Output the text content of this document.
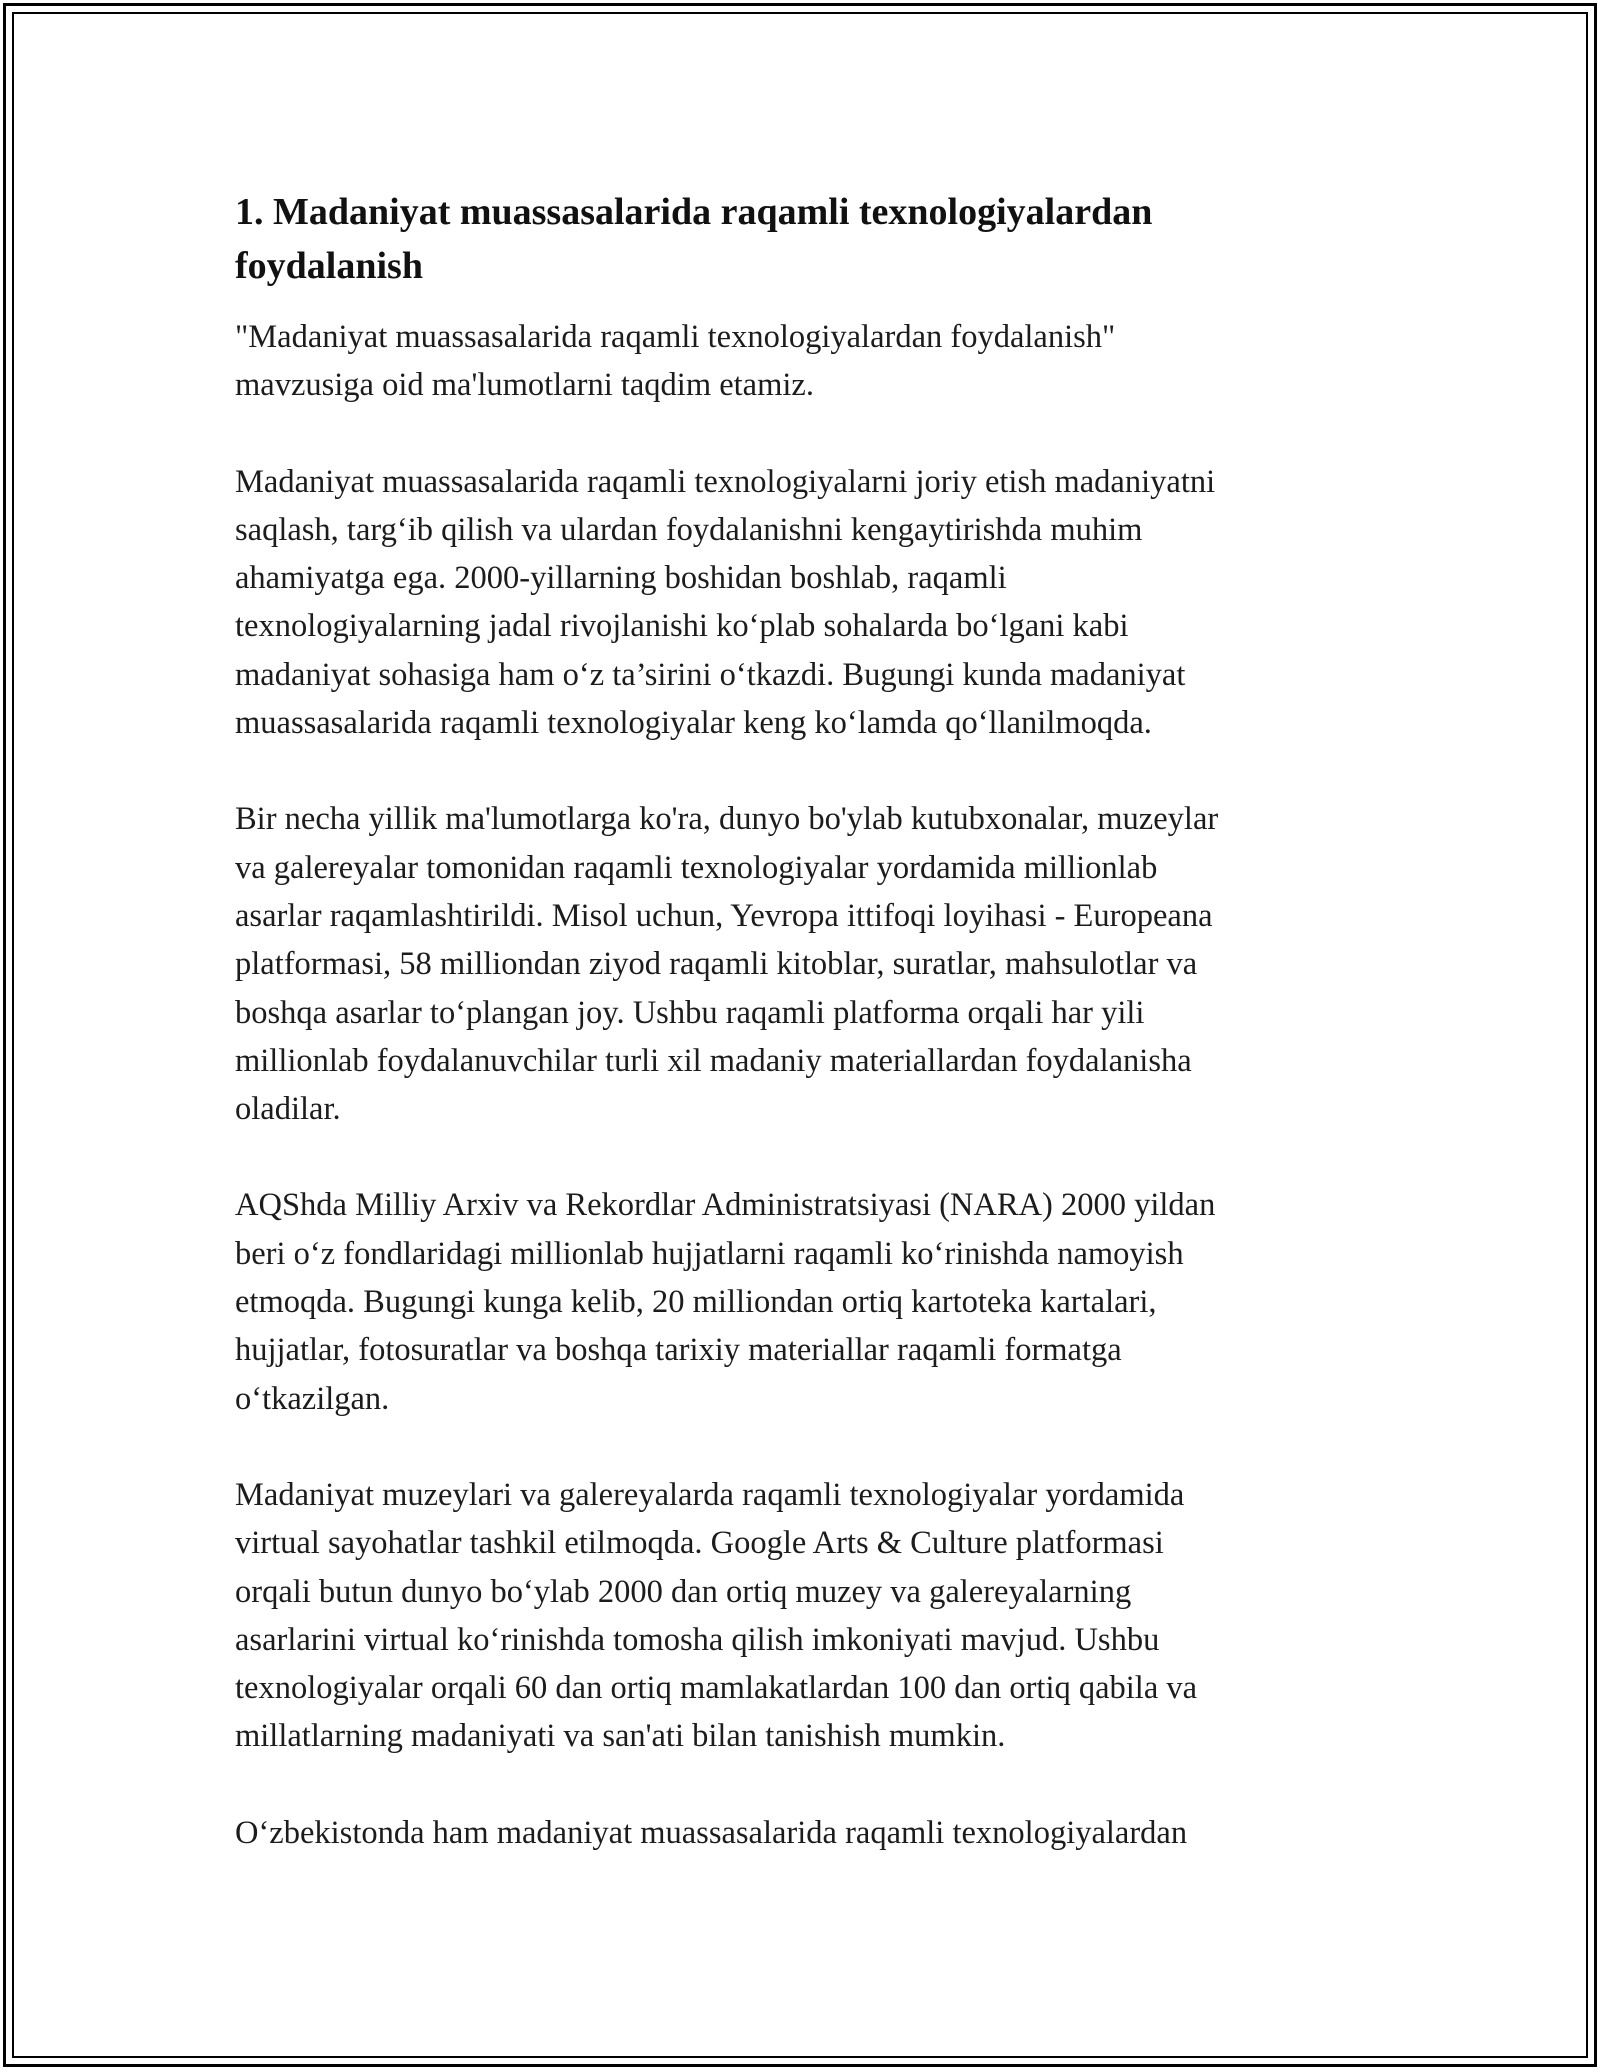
1. Madaniyat muassasalarida raqamli texnologiyalardan
foydalanish

"Madaniyat muassasalarida raqamli texnologiyalardan foydalanish"
mavzusiga oid ma'lumotlarni taqdim etamiz.

Madaniyat muassasalarida raqamli texnologiyalarni joriy etish madaniyatni
saqlash, targ‘ib qilish va ulardan foydalanishni kengaytirishda muhim
ahamiyatga ega. 2000-yillarning boshidan boshlab, raqamli
texnologiyalarning jadal rivojlanishi ko‘plab sohalarda bo‘lgani kabi
madaniyat sohasiga ham o‘z ta’sirini o‘tkazdi. Bugungi kunda madaniyat
muassasalarida raqamli texnologiyalar keng ko‘lamda qo‘llanilmoqda.

Bir necha yillik ma'lumotlarga ko'ra, dunyo bo'ylab kutubxonalar, muzeylar
va galereyalar tomonidan raqamli texnologiyalar yordamida millionlab
asarlar raqamlashtirildi. Misol uchun, Yevropa ittifoqi loyihasi - Europeana
platformasi, 58 milliondan ziyod raqamli kitoblar, suratlar, mahsulotlar va
boshqa asarlar to‘plangan joy. Ushbu raqamli platforma orqali har yili
millionlab foydalanuvchilar turli xil madaniy materiallardan foydalanisha
oladilar.

AQShda Milliy Arxiv va Rekordlar Administratsiyasi (NARA) 2000 yildan
beri o‘z fondlaridagi millionlab hujjatlarni raqamli ko‘rinishda namoyish
etmoqda. Bugungi kunga kelib, 20 milliondan ortiq kartoteka kartalari,
hujjatlar, fotosuratlar va boshqa tarixiy materiallar raqamli formatga
o‘tkazilgan.

Madaniyat muzeylari va galereyalarda raqamli texnologiyalar yordamida
virtual sayohatlar tashkil etilmoqda. Google Arts & Culture platformasi
orqali butun dunyo bo‘ylab 2000 dan ortiq muzey va galereyalarning
asarlarini virtual ko‘rinishda tomosha qilish imkoniyati mavjud. Ushbu
texnologiyalar orqali 60 dan ortiq mamlakatlardan 100 dan ortiq qabila va
millatlarning madaniyati va san'ati bilan tanishish mumkin.

O‘zbekistonda ham madaniyat muassasalarida raqamli texnologiyalardan
